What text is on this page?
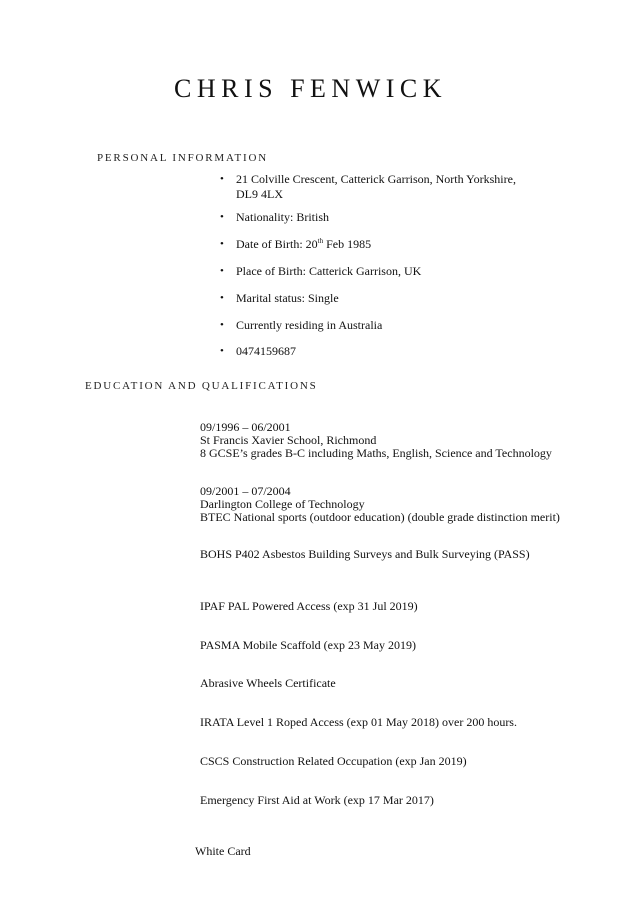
CHRIS FENWICK
PERSONAL INFORMATION
•	21 Colville Crescent, Catterick Garrison, North Yorkshire,
DL9 4LX
•	Nationality: British
•	Date of Birth: 20th Feb 1985
•	Place of Birth: Catterick Garrison, UK
•	Marital status: Single
•	Currently residing in Australia
•	0474159687
EDUCATION AND QUALIFICATIONS
09/1996 – 06/2001
St Francis Xavier School, Richmond
8 GCSE’s grades B-C including Maths, English, Science and Technology
09/2001 – 07/2004
Darlington College of Technology
BTEC National sports (outdoor education) (double grade distinction merit)
BOHS P402 Asbestos Building Surveys and Bulk Surveying (PASS)
IPAF PAL Powered Access (exp 31 Jul 2019)
PASMA Mobile Scaffold (exp 23 May 2019)
Abrasive Wheels Certificate
IRATA Level 1 Roped Access (exp 01 May 2018) over 200 hours.
CSCS Construction Related Occupation (exp Jan 2019)
Emergency First Aid at Work (exp 17 Mar 2017)
White Card
